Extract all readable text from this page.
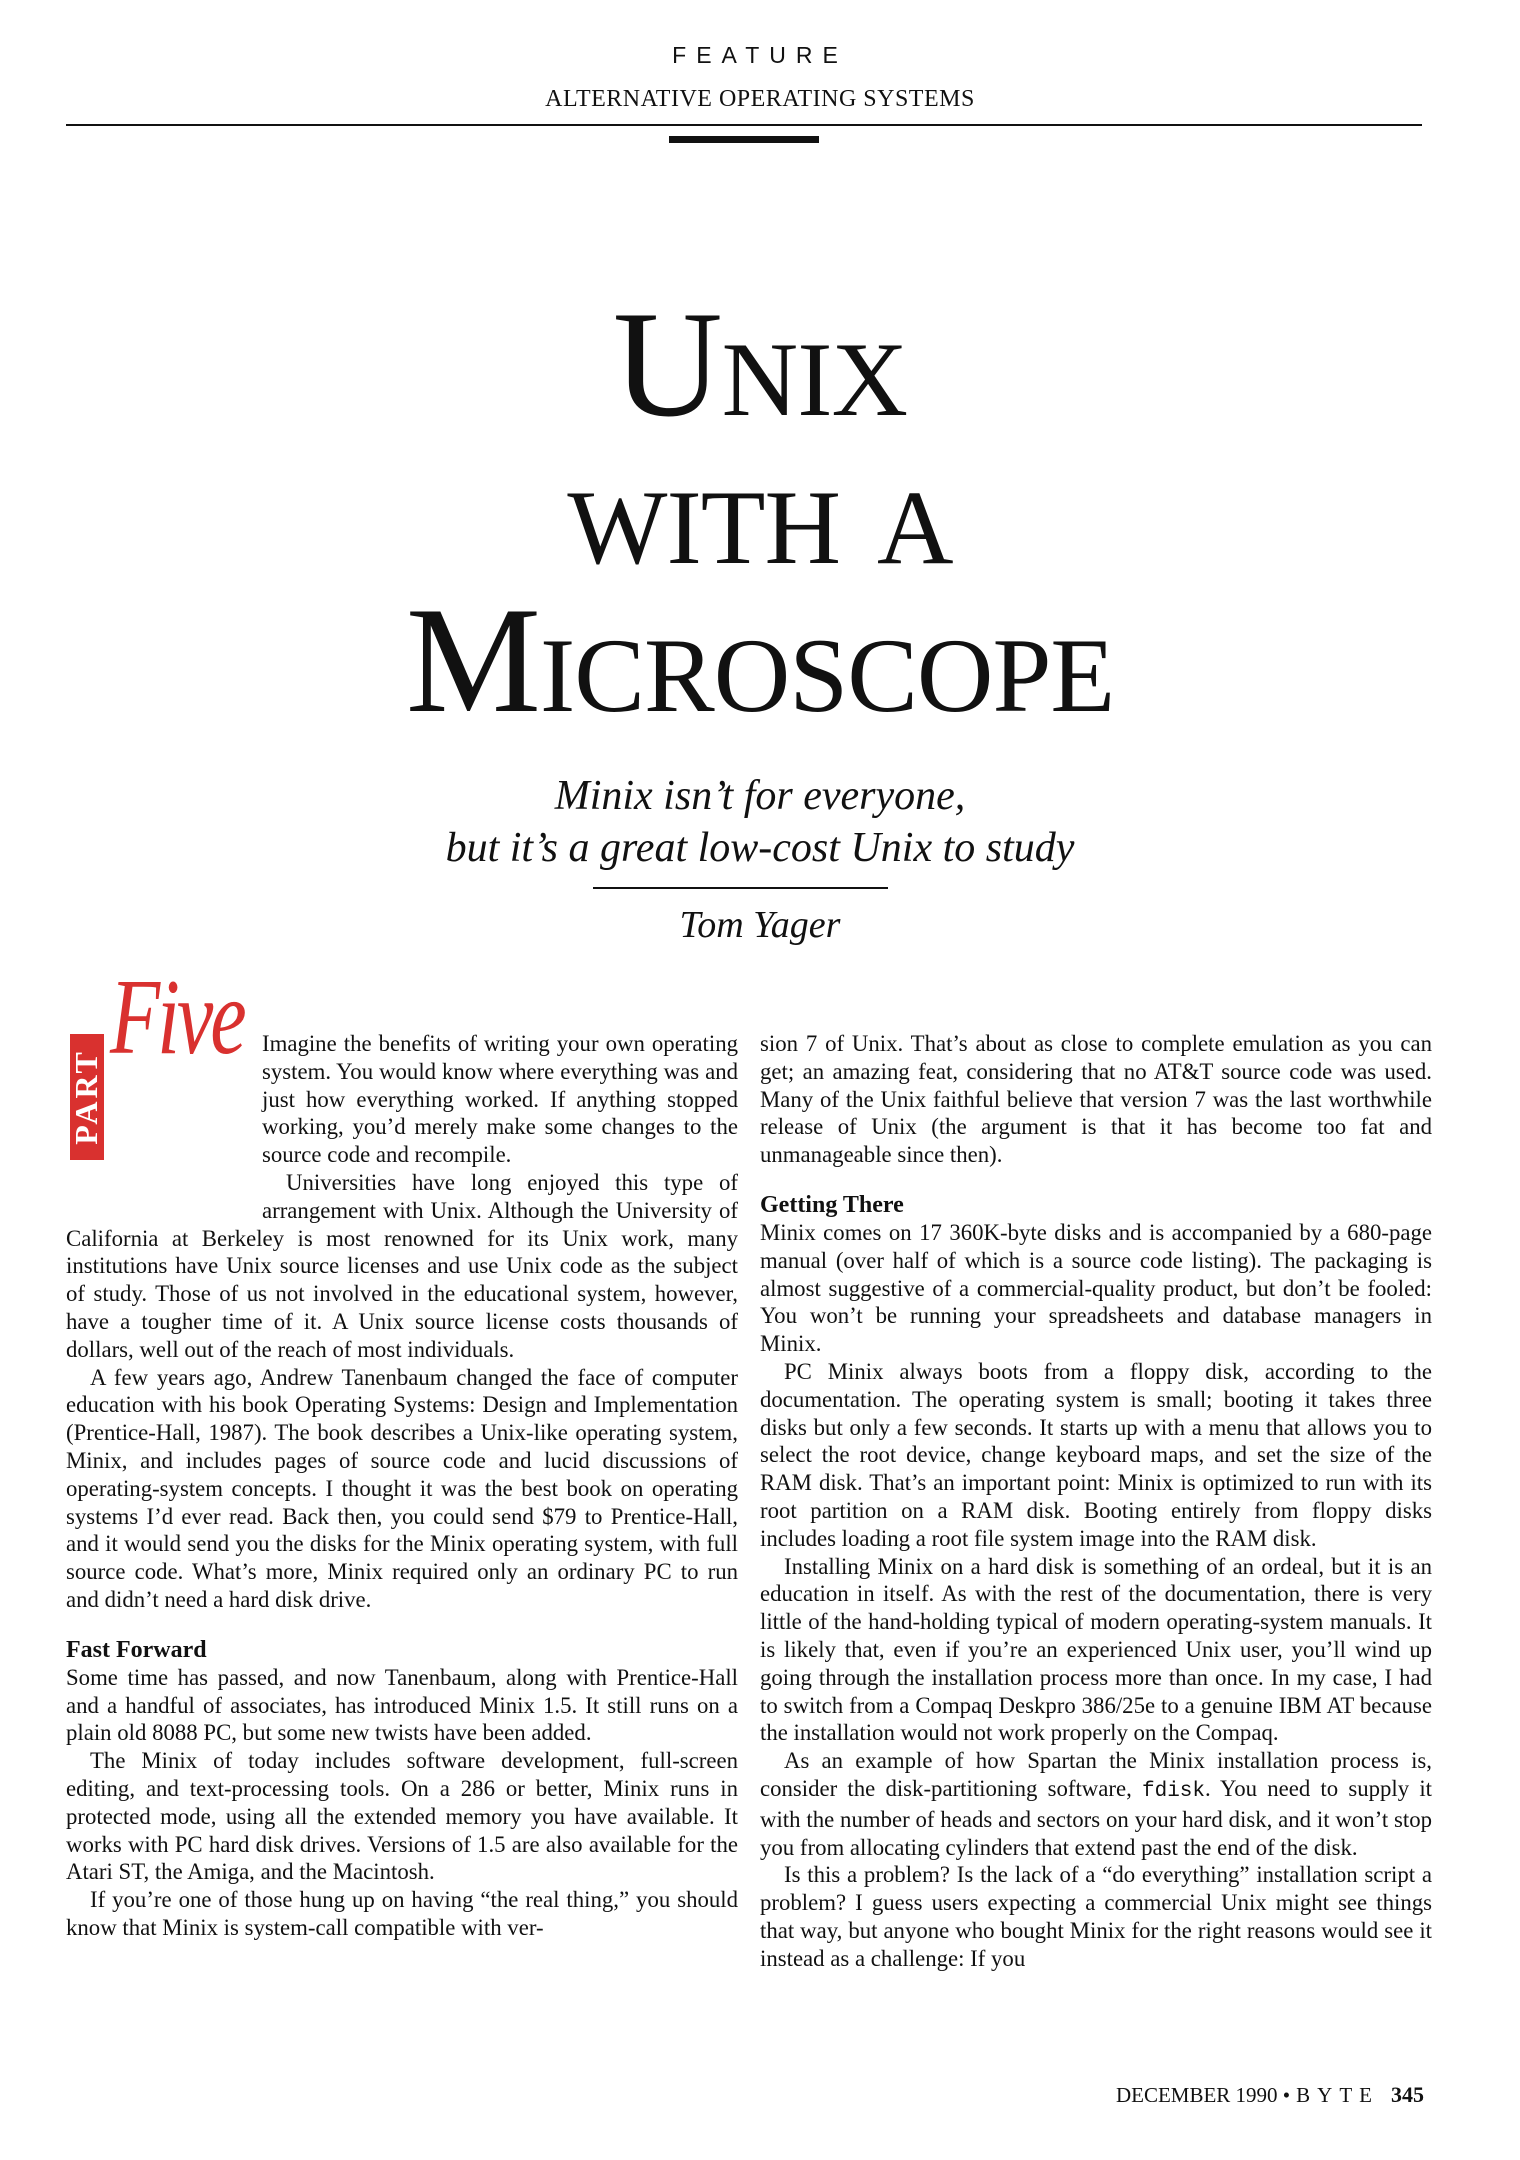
FEATURE
ALTERNATIVE OPERATING SYSTEMS
Unix
with a
Microscope
Minix isn’t for everyone,
but it’s a great low-cost Unix to study
Tom Yager
PART
Five Imagine the benefits of writing your own operating system. You would know where everything was and just how everything worked. If anything stopped working, you’d merely make some changes to the source code and recompile.

Universities have long enjoyed this type of arrangement with Unix. Although the University of California at Berkeley is most renowned for its Unix work, many institutions have Unix source licenses and use Unix code as the subject of study. Those of us not involved in the educational system, however, have a tougher time of it. A Unix source license costs thousands of dollars, well out of the reach of most individuals.

A few years ago, Andrew Tanenbaum changed the face of computer education with his book Operating Systems: Design and Implementation (Prentice-Hall, 1987). The book describes a Unix-like operating system, Minix, and includes pages of source code and lucid discussions of operating-system concepts. I thought it was the best book on operating systems I’d ever read. Back then, you could send $79 to Prentice-Hall, and it would send you the disks for the Minix operating system, with full source code. What’s more, Minix required only an ordinary PC to run and didn’t need a hard disk drive.

Fast Forward

Some time has passed, and now Tanenbaum, along with Prentice-Hall and a handful of associates, has introduced Minix 1.5. It still runs on a plain old 8088 PC, but some new twists have been added.

The Minix of today includes software development, full-screen editing, and text-processing tools. On a 286 or better, Minix runs in protected mode, using all the extended memory you have available. It works with PC hard disk drives. Versions of 1.5 are also available for the Atari ST, the Amiga, and the Macintosh.

If you’re one of those hung up on having “the real thing,” you should know that Minix is system-call compatible with ver-

sion 7 of Unix. That’s about as close to complete emulation as you can get; an amazing feat, considering that no AT&T source code was used. Many of the Unix faithful believe that version 7 was the last worthwhile release of Unix (the argument is that it has become too fat and unmanageable since then).

Getting There

Minix comes on 17 360K-byte disks and is accompanied by a 680-page manual (over half of which is a source code listing). The packaging is almost suggestive of a commercial-quality product, but don’t be fooled: You won’t be running your spreadsheets and database managers in Minix.

PC Minix always boots from a floppy disk, according to the documentation. The operating system is small; booting it takes three disks but only a few seconds. It starts up with a menu that allows you to select the root device, change keyboard maps, and set the size of the RAM disk. That’s an important point: Minix is optimized to run with its root partition on a RAM disk. Booting entirely from floppy disks includes loading a root file system image into the RAM disk.

Installing Minix on a hard disk is something of an ordeal, but it is an education in itself. As with the rest of the documentation, there is very little of the hand-holding typical of modern operating-system manuals. It is likely that, even if you’re an experienced Unix user, you’ll wind up going through the installation process more than once. In my case, I had to switch from a Compaq Deskpro 386/25e to a genuine IBM AT because the installation would not work properly on the Compaq.

As an example of how Spartan the Minix installation process is, consider the disk-partitioning software, fdisk. You need to supply it with the number of heads and sectors on your hard disk, and it won’t stop you from allocating cylinders that extend past the end of the disk.

Is this a problem? Is the lack of a “do everything” installation script a problem? I guess users expecting a commercial Unix might see things that way, but anyone who bought Minix for the right reasons would see it instead as a challenge: If you

DECEMBER 1990 • BYTE 345
